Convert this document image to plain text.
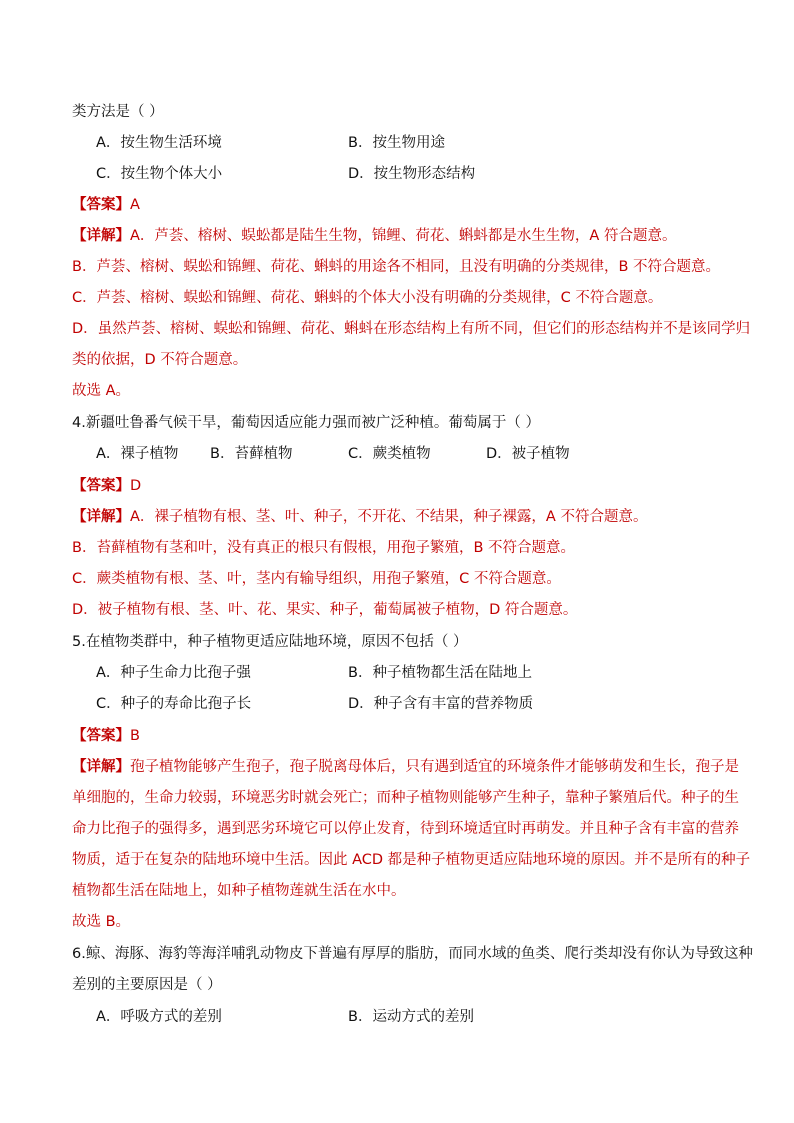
类方法是（ ）
A．按生物生活环境	B．按生物用途
C．按生物个体大小	D．按生物形态结构
【答案】A
【详解】A．芦荟、榕树、蜈蚣都是陆生生物，锦鲤、荷花、蝌蚪都是水生生物，A 符合题意。
B．芦荟、榕树、蜈蚣和锦鲤、荷花、蝌蚪的用途各不相同，且没有明确的分类规律，B 不符合题意。
C．芦荟、榕树、蜈蚣和锦鲤、荷花、蝌蚪的个体大小没有明确的分类规律，C 不符合题意。
D．虽然芦荟、榕树、蜈蚣和锦鲤、荷花、蝌蚪在形态结构上有所不同，但它们的形态结构并不是该同学归
类的依据，D 不符合题意。
故选 A。
4.新疆吐鲁番气候干旱，葡萄因适应能力强而被广泛种植。葡萄属于（ ）
A．裸子植物 B．苔藓植物	C．蕨类植物	D．被子植物
【答案】D
【详解】A．裸子植物有根、茎、叶、种子，不开花、不结果，种子裸露，A 不符合题意。
B．苔藓植物有茎和叶，没有真正的根只有假根，用孢子繁殖，B 不符合题意。
C．蕨类植物有根、茎、叶，茎内有输导组织，用孢子繁殖，C 不符合题意。
D．被子植物有根、茎、叶、花、果实、种子，葡萄属被子植物，D 符合题意。
5.在植物类群中，种子植物更适应陆地环境，原因不包括（ ）
A．种子生命力比孢子强	B．种子植物都生活在陆地上
C．种子的寿命比孢子长	D．种子含有丰富的营养物质
【答案】B
【详解】孢子植物能够产生孢子，孢子脱离母体后，只有遇到适宜的环境条件才能够萌发和生长，孢子是
单细胞的，生命力较弱，环境恶劣时就会死亡；而种子植物则能够产生种子，靠种子繁殖后代。种子的生
命力比孢子的强得多，遇到恶劣环境它可以停止发育，待到环境适宜时再萌发。并且种子含有丰富的营养
物质，适于在复杂的陆地环境中生活。因此 ACD 都是种子植物更适应陆地环境的原因。并不是所有的种子
植物都生活在陆地上，如种子植物莲就生活在水中。
故选 B。
6.鲸、海豚、海豹等海洋哺乳动物皮下普遍有厚厚的脂肪，而同水域的鱼类、爬行类却没有你认为导致这种
差别的主要原因是（ ）
A．呼吸方式的差别	B．运动方式的差别
